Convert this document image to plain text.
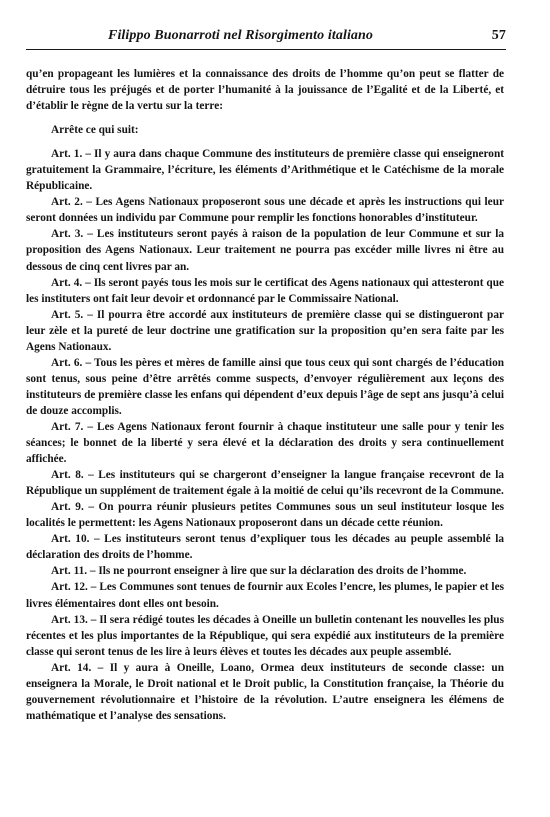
Filippo Buonarroti nel Risorgimento italiano	57

qu’en propageant les lumières et la connaissance des droits de l’homme qu’on peut se flatter de détruire tous les préjugés et de porter l’humanité à la jouissance de l’Egalité et de la Liberté, et d’établir le règne de la vertu sur la terre:

Arrête ce qui suit:

Art. 1. – Il y aura dans chaque Commune des instituteurs de première classe qui enseigneront gratuitement la Grammaire, l’écriture, les éléments d’Arithmétique et le Catéchisme de la morale Républicaine.

Art. 2. – Les Agens Nationaux proposeront sous une décade et après les instructions qui leur seront données un individu par Commune pour remplir les fonctions honorables d’instituteur.

Art. 3. – Les instituteurs seront payés à raison de la population de leur Commune et sur la proposition des Agens Nationaux. Leur traitement ne pourra pas excéder mille livres ni être au dessous de cinq cent livres par an.

Art. 4. – Ils seront payés tous les mois sur le certificat des Agens nationaux qui attesteront que les instituters ont fait leur devoir et ordonnancé par le Commissaire National.

Art. 5. – Il pourra être accordé aux instituteurs de première classe qui se distingueront par leur zèle et la pureté de leur doctrine une gratification sur la proposition qu’en sera faite par les Agens Nationaux.

Art. 6. – Tous les pères et mères de famille ainsi que tous ceux qui sont chargés de l’éducation sont tenus, sous peine d’être arrêtés comme suspects, d’envoyer régulièrement aux leçons des instituteurs de première classe les enfans qui dépendent d’eux depuis l’âge de sept ans jusqu’à celui de douze accomplis.

Art. 7. – Les Agens Nationaux feront fournir à chaque instituteur une salle pour y tenir les séances; le bonnet de la liberté y sera élevé et la déclaration des droits y sera continuellement affichée.

Art. 8. – Les instituteurs qui se chargeront d’enseigner la langue française recevront de la République un supplément de traitement égale à la moitié de celui qu’ils recevront de la Commune.

Art. 9. – On pourra réunir plusieurs petites Communes sous un seul instituteur losque les localités le permettent: les Agens Nationaux proposeront dans un décade cette réunion.

Art. 10. – Les instituteurs seront tenus d’expliquer tous les décades au peuple assemblé la déclaration des droits de l’homme.

Art. 11. – Ils ne pourront enseigner à lire que sur la déclaration des droits de l’homme.

Art. 12. – Les Communes sont tenues de fournir aux Ecoles l’encre, les plumes, le papier et les livres élémentaires dont elles ont besoin.

Art. 13. – Il sera rédigé toutes les décades à Oneille un bulletin contenant les nouvelles les plus récentes et les plus importantes de la République, qui sera expédié aux instituteurs de la première classe qui seront tenus de les lire à leurs élèves et toutes les décades aux peuple assemblé.

Art. 14. – Il y aura à Oneille, Loano, Ormea deux instituteurs de seconde classe: un enseignera la Morale, le Droit national et le Droit public, la Constitution française, la Théorie du gouvernement révolutionnaire et l’histoire de la révolution. L’autre enseignera les élémens de mathématique et l’analyse des sensations.
